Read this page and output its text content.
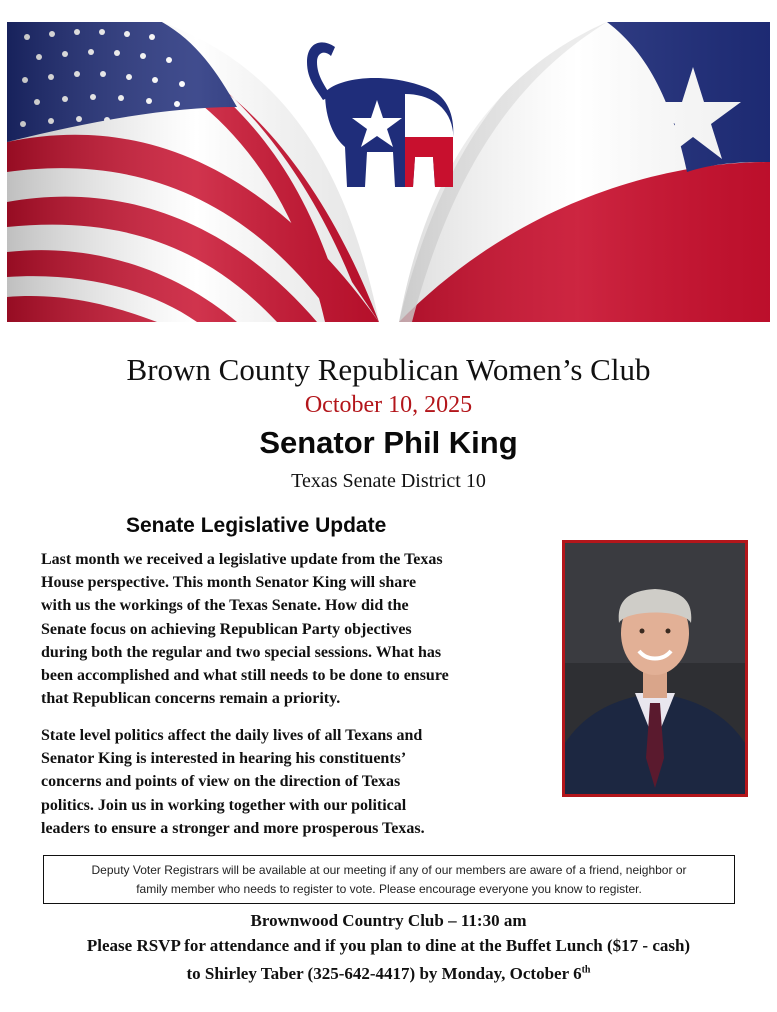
Brown County Republican Women’s Club
October 10, 2025
Senator Phil King
Texas Senate District 10
Senate Legislative Update
Last month we received a legislative update from the Texas
House perspective. This month Senator King will share
with us the workings of the Texas Senate. How did the
Senate focus on achieving Republican Party objectives
during both the regular and two special sessions. What has
been accomplished and what still needs to be done to ensure
that Republican concerns remain a priority.
State level politics affect the daily lives of all Texans and
Senator King is interested in hearing his constituents’
concerns and points of view on the direction of Texas
politics. Join us in working together with our political
leaders to ensure a stronger and more prosperous Texas.
Deputy Voter Registrars will be available at our meeting if any of our members are aware of a friend, neighbor or
family member who needs to register to vote. Please encourage everyone you know to register.
Brownwood Country Club – 11:30 am
Please RSVP for attendance and if you plan to dine at the Buffet Lunch ($17 - cash)
to Shirley Taber (325-642-4417) by Monday, October 6th
